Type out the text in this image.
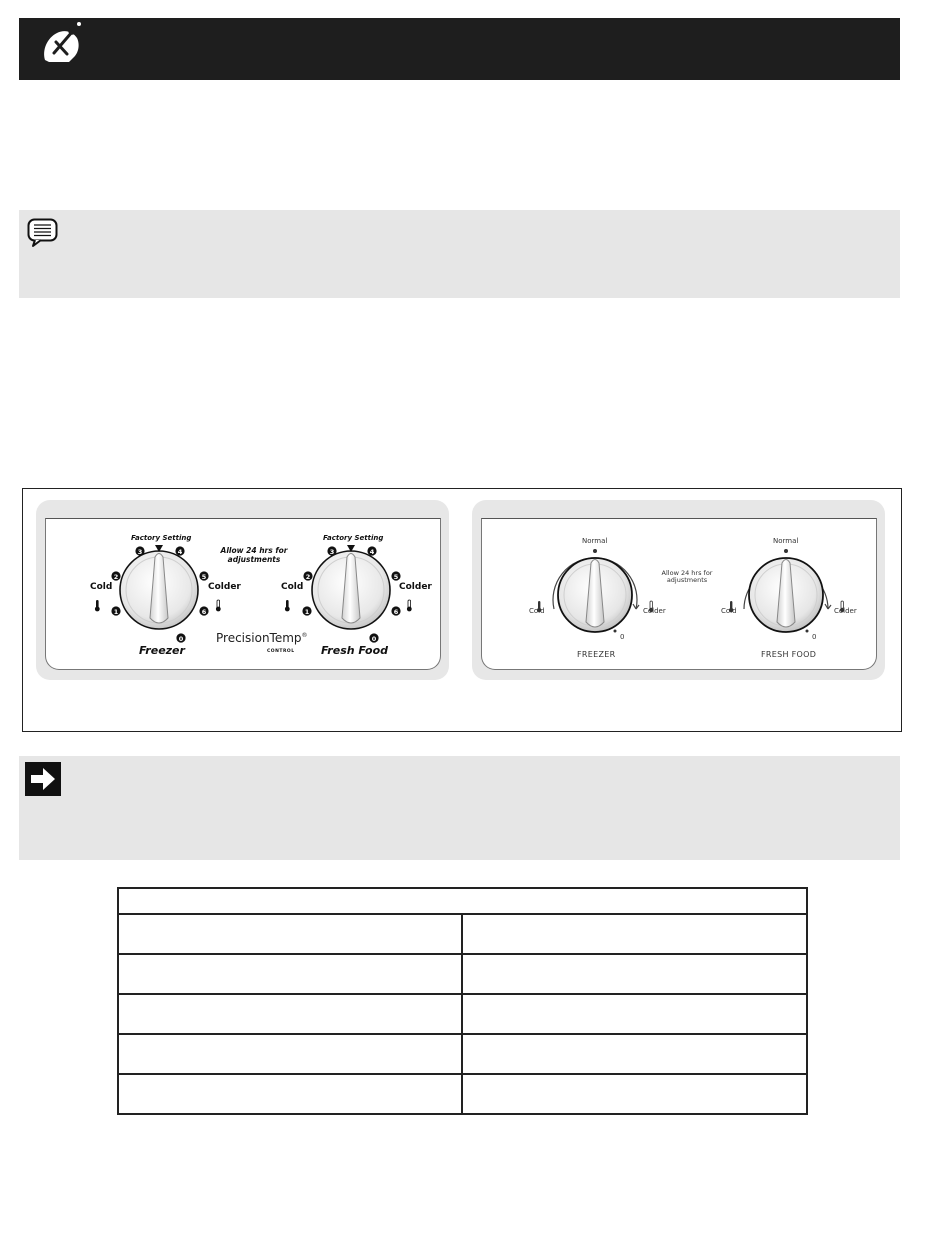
3	4
2	5
1	6
0
3	4
2	5
1	6
0
Factory Setting
Cold	Colder
Freezer
Allow 24 hrs for
adjustments
PrecisionTemp®
CONTROL
Factory Setting
Cold	Colder
Fresh Food
Normal
Cold	Colder
0
FREEZER
Allow 24 hrs for
adjustments
Normal
Cold	Colder
0
FRESH FOOD
